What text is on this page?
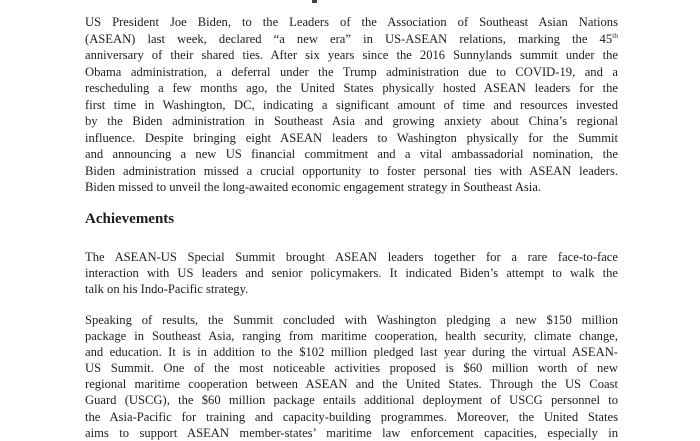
US President Joe Biden, to the Leaders of the Association of Southeast Asian Nations
(ASEAN) last week, declared “a new era” in US-ASEAN relations, marking the 45th
anniversary of their shared ties. After six years since the 2016 Sunnylands summit under the
Obama administration, a deferral under the Trump administration due to COVID-19, and a
rescheduling a few months ago, the United States physically hosted ASEAN leaders for the
first time in Washington, DC, indicating a significant amount of time and resources invested
by the Biden administration in Southeast Asia and growing anxiety about China’s regional
influence. Despite bringing eight ASEAN leaders to Washington physically for the Summit
and announcing a new US financial commitment and a vital ambassadorial nomination, the
Biden administration missed a crucial opportunity to foster personal ties with ASEAN leaders.
Biden missed to unveil the long-awaited economic engagement strategy in Southeast Asia.
Achievements
The ASEAN-US Special Summit brought ASEAN leaders together for a rare face-to-face
interaction with US leaders and senior policymakers. It indicated Biden’s attempt to walk the
talk on his Indo-Pacific strategy.
Speaking of results, the Summit concluded with Washington pledging a new $150 million
package in Southeast Asia, ranging from maritime cooperation, health security, climate change,
and education. It is in addition to the $102 million pledged last year during the virtual ASEAN-
US Summit. One of the most noticeable activities proposed is $60 million worth of new
regional maritime cooperation between ASEAN and the United States. Through the US Coast
Guard (USCG), the $60 million package entails additional deployment of USCG personnel to
the Asia-Pacific for training and capacity-building programmes. Moreover, the United States
aims to support ASEAN member-states’ maritime law enforcement capacities, especially in
